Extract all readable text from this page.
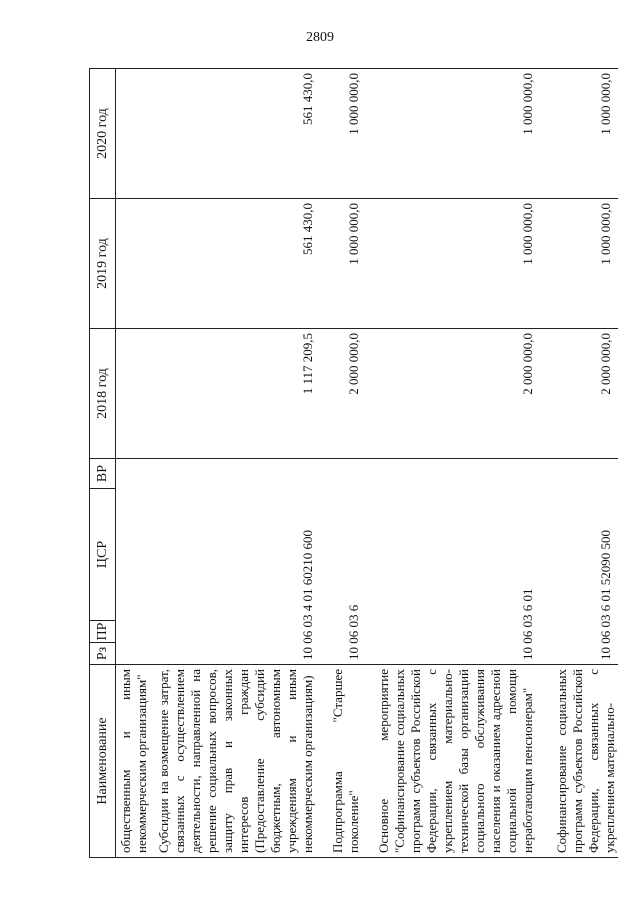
2809
Наименование	Рз	ПР	ЦСР	ВР	2018 год	2019 год	2020 год
общественным и иным некоммерческим организациям"							
Субсидии на возмещение затрат, связанных с осуществлением деятельности, направленной на решение социальных вопросов, защиту прав и законных интересов граждан (Предоставление субсидий бюджетным, автономным учреждениям и иным некоммерческим организациям)	10 06 03 4 01 60210 600				1 117 209,5	561 430,0	561 430,0
Подпрограмма "Старшее поколение"	10 06 03 6				2 000 000,0	1 000 000,0	1 000 000,0
Основное мероприятие "Софинансирование социальных программ субъектов Российской Федерации, связанных с укреплением материально-технической базы организаций социального обслуживания населения и оказанием адресной социальной помощи неработающим пенсионерам"	10 06 03 6 01				2 000 000,0	1 000 000,0	1 000 000,0
Софинансирование социальных программ субъектов Российской Федерации, связанных с укреплением материально-	10 06 03 6 01 52090 500				2 000 000,0	1 000 000,0	1 000 000,0
